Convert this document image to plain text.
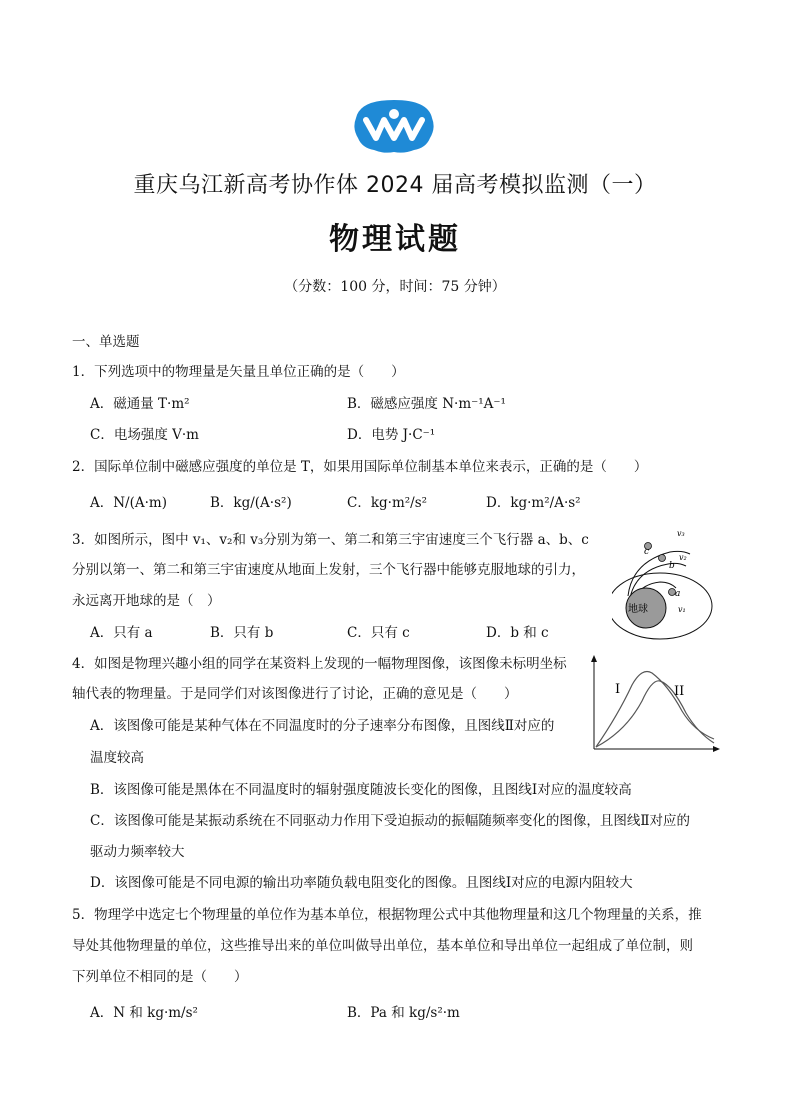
重庆乌江新高考协作体 2024 届高考模拟监测（一）
物理试题
（分数：100 分，时间：75 分钟）
一、单选题
1．下列选项中的物理量是矢量且单位正确的是（　　）
A．磁通量 T·m²	B．磁感应强度 N·m⁻¹A⁻¹
C．电场强度 V·m	D．电势 J·C⁻¹
2．国际单位制中磁感应强度的单位是 T，如果用国际单位制基本单位来表示，正确的是（　　）
A．N/(A·m)	B．kg/(A·s²)	C．kg·m²/s²	D．kg·m²/A·s²
3．如图所示，图中 v₁、v₂和 v₃分别为第一、第二和第三宇宙速度三个飞行器 a、b、c
分别以第一、第二和第三宇宙速度从地面上发射，三个飞行器中能够克服地球的引力，
永远离开地球的是（　）
A．只有 a	B．只有 b	C．只有 c	D．b 和 c
地球
v₃
v₂
c
b
a
v₁
4．如图是物理兴趣小组的同学在某资料上发现的一幅物理图像，该图像未标明坐标
轴代表的物理量。于是同学们对该图像进行了讨论，正确的意见是（　　）
A．该图像可能是某种气体在不同温度时的分子速率分布图像，且图线Ⅱ对应的
温度较高
B．该图像可能是黑体在不同温度时的辐射强度随波长变化的图像，且图线Ⅰ对应的温度较高
C．该图像可能是某振动系统在不同驱动力作用下受迫振动的振幅随频率变化的图像，且图线Ⅱ对应的
驱动力频率较大
D．该图像可能是不同电源的输出功率随负载电阻变化的图像。且图线Ⅰ对应的电源内阻较大
I	II
5．物理学中选定七个物理量的单位作为基本单位，根据物理公式中其他物理量和这几个物理量的关系，推
导处其他物理量的单位，这些推导出来的单位叫做导出单位，基本单位和导出单位一起组成了单位制，则
下列单位不相同的是（　　）
A．N 和 kg·m/s²	B．Pa 和 kg/s²·m
